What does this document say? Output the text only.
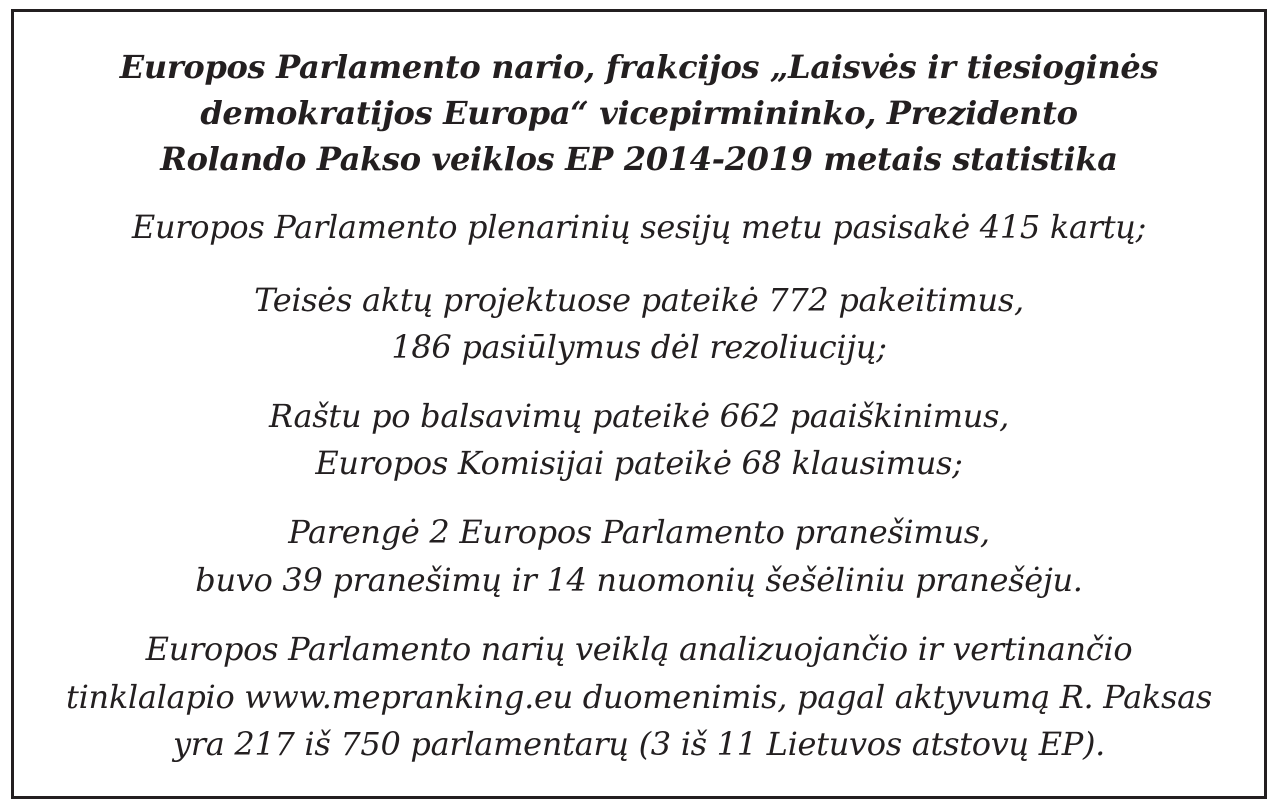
Europos Parlamento nario, frakcijos „Laisvės ir tiesioginės
demokratijos Europa“ vicepirmininko, Prezidento
Rolando Pakso veiklos EP 2014-2019 metais statistika
Europos Parlamento plenarinių sesijų metu pasisakė 415 kartų;
Teisės aktų projektuose pateikė 772 pakeitimus,
186 pasiūlymus dėl rezoliucijų;
Raštu po balsavimų pateikė 662 paaiškinimus,
Europos Komisijai pateikė 68 klausimus;
Parengė 2 Europos Parlamento pranešimus,
buvo 39 pranešimų ir 14 nuomonių šešėliniu pranešėju.
Europos Parlamento narių veiklą analizuojančio ir vertinančio
tinklalapio www.mepranking.eu duomenimis, pagal aktyvumą R. Paksas
yra 217 iš 750 parlamentarų (3 iš 11 Lietuvos atstovų EP).
